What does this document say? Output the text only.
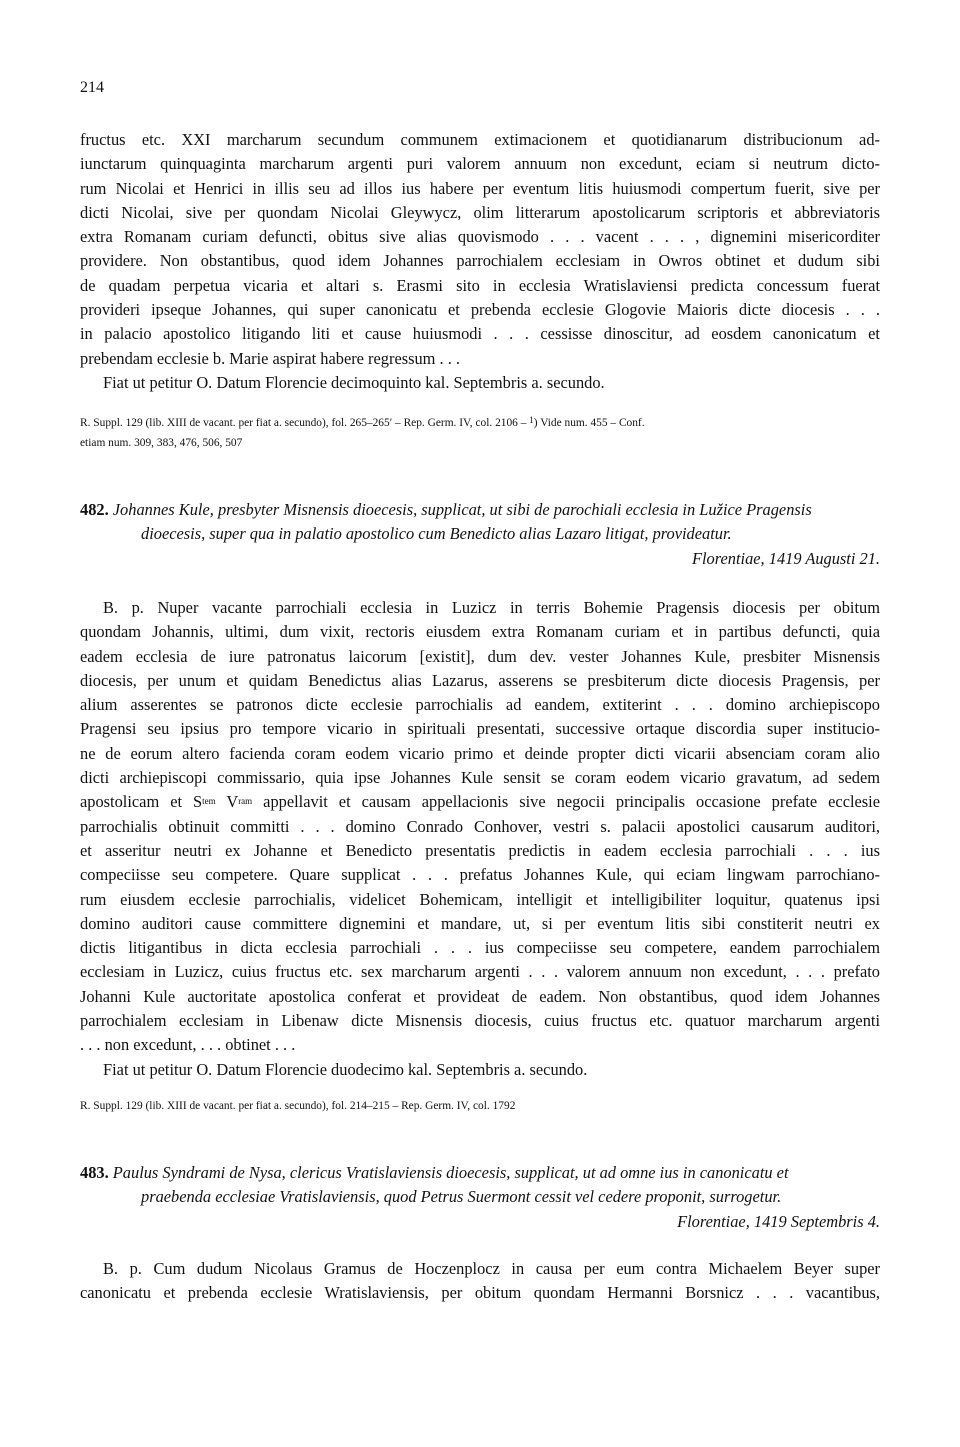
214
fructus etc. XXI marcharum secundum communem extimacionem et quotidianarum distribucionum ad-
iunctarum quinquaginta marcharum argenti puri valorem annuum non excedunt, eciam si neutrum dicto-
rum Nicolai et Henrici in illis seu ad illos ius habere per eventum litis huiusmodi compertum fuerit, sive per
dicti Nicolai, sive per quondam Nicolai Gleywycz, olim litterarum apostolicarum scriptoris et abbreviatoris
extra Romanam curiam defuncti, obitus sive alias quovismodo . . . vacent . . . , dignemini misericorditer
providere. Non obstantibus, quod idem Johannes parrochialem ecclesiam in Owros obtinet et dudum sibi
de quadam perpetua vicaria et altari s. Erasmi sito in ecclesia Wratislaviensi predicta concessum fuerat
provideri ipseque Johannes, qui super canonicatu et prebenda ecclesie Glogovie Maioris dicte diocesis . . .
in palacio apostolico litigando liti et cause huiusmodi . . . cessisse dinoscitur, ad eosdem canonicatum et
prebendam ecclesie b. Marie aspirat habere regressum . . .
Fiat ut petitur O. Datum Florencie decimoquinto kal. Septembris a. secundo.
R. Suppl. 129 (lib. XIII de vacant. per fiat a. secundo), fol. 265–265′ – Rep. Germ. IV, col. 2106 – $^1$) Vide num. 455 – Conf.
etiam num. 309, 383, 476, 506, 507
482. Johannes Kule, presbyter Misnensis dioecesis, supplicat, ut sibi de parochiali ecclesia in Lužice Pragensis
dioecesis, super qua in palatio apostolico cum Benedicto alias Lazaro litigat, provideatur.
Florentiae, 1419 Augusti 21.
B. p. Nuper vacante parrochiali ecclesia in Luzicz in terris Bohemie Pragensis diocesis per obitum
quondam Johannis, ultimi, dum vixit, rectoris eiusdem extra Romanam curiam et in partibus defuncti, quia
eadem ecclesia de iure patronatus laicorum [existit], dum dev. vester Johannes Kule, presbiter Misnensis
diocesis, per unum et quidam Benedictus alias Lazarus, asserens se presbiterum dicte diocesis Pragensis, per
alium asserentes se patronos dicte ecclesie parrochialis ad eandem, extiterint . . . domino archiepiscopo
Pragensi seu ipsius pro tempore vicario in spirituali presentati, successive ortaque discordia super institucio-
ne de eorum altero facienda coram eodem vicario primo et deinde propter dicti vicarii absenciam coram alio
dicti archiepiscopi commissario, quia ipse Johannes Kule sensit se coram eodem vicario gravatum, ad sedem
apostolicam et $S^{tem}$ $V^{ram}$ appellavit et causam appellacionis sive negocii principalis occasione prefate ecclesie
parrochialis obtinuit committi . . . domino Conrado Conhover, vestri s. palacii apostolici causarum auditori,
et asseritur neutri ex Johanne et Benedicto presentatis predictis in eadem ecclesia parrochiali . . . ius
compeciisse seu competere. Quare supplicat . . . prefatus Johannes Kule, qui eciam lingwam parrochiano-
rum eiusdem ecclesie parrochialis, videlicet Bohemicam, intelligit et intelligibiliter loquitur, quatenus ipsi
domino auditori cause committere dignemini et mandare, ut, si per eventum litis sibi constiterit neutri ex
dictis litigantibus in dicta ecclesia parrochiali . . . ius compeciisse seu competere, eandem parrochialem
ecclesiam in Luzicz, cuius fructus etc. sex marcharum argenti . . . valorem annuum non excedunt, . . . prefato
Johanni Kule auctoritate apostolica conferat et provideat de eadem. Non obstantibus, quod idem Johannes
parrochialem ecclesiam in Libenaw dicte Misnensis diocesis, cuius fructus etc. quatuor marcharum argenti
. . . non excedunt, . . . obtinet . . .
Fiat ut petitur O. Datum Florencie duodecimo kal. Septembris a. secundo.
R. Suppl. 129 (lib. XIII de vacant. per fiat a. secundo), fol. 214–215 – Rep. Germ. IV, col. 1792
483. Paulus Syndrami de Nysa, clericus Vratislaviensis dioecesis, supplicat, ut ad omne ius in canonicatu et
praebenda ecclesiae Vratislaviensis, quod Petrus Suermont cessit vel cedere proponit, surrogetur.
Florentiae, 1419 Septembris 4.
B. p. Cum dudum Nicolaus Gramus de Hoczenplocz in causa per eum contra Michaelem Beyer super
canonicatu et prebenda ecclesie Wratislaviensis, per obitum quondam Hermanni Borsnicz . . . vacantibus,
